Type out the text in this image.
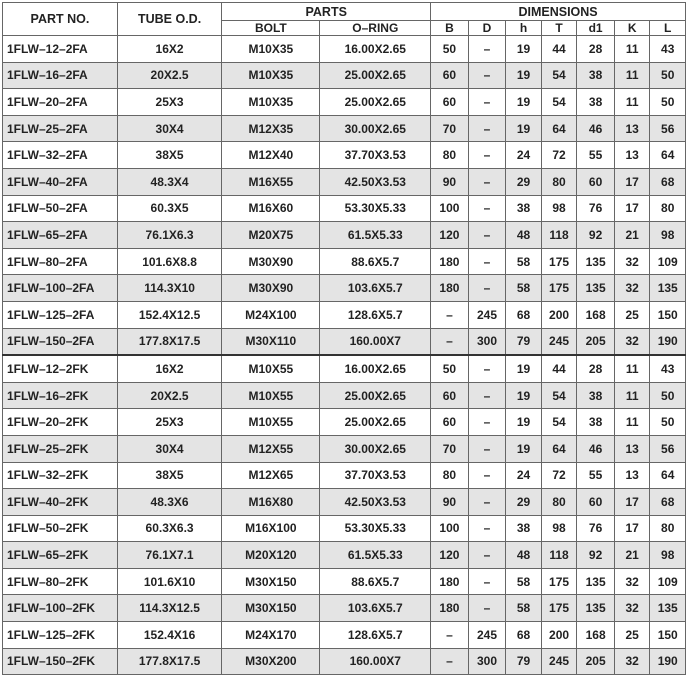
PART NO.	TUBE O.D.	PARTS		DIMENSIONS						
		BOLT	O–RING	B	D	h	T	d1	K	L
1FLW–12–2FA	16X2	M10X35	16.00X2.65	50	–	19	44	28	11	43
1FLW–16–2FA	20X2.5	M10X35	25.00X2.65	60	–	19	54	38	11	50
1FLW–20–2FA	25X3	M10X35	25.00X2.65	60	–	19	54	38	11	50
1FLW–25–2FA	30X4	M12X35	30.00X2.65	70	–	19	64	46	13	56
1FLW–32–2FA	38X5	M12X40	37.70X3.53	80	–	24	72	55	13	64
1FLW–40–2FA	48.3X4	M16X55	42.50X3.53	90	–	29	80	60	17	68
1FLW–50–2FA	60.3X5	M16X60	53.30X5.33	100	–	38	98	76	17	80
1FLW–65–2FA	76.1X6.3	M20X75	61.5X5.33	120	–	48	118	92	21	98
1FLW–80–2FA	101.6X8.8	M30X90	88.6X5.7	180	–	58	175	135	32	109
1FLW–100–2FA	114.3X10	M30X90	103.6X5.7	180	–	58	175	135	32	135
1FLW–125–2FA	152.4X12.5	M24X100	128.6X5.7	–	245	68	200	168	25	150
1FLW–150–2FA	177.8X17.5	M30X110	160.00X7	–	300	79	245	205	32	190
1FLW–12–2FK	16X2	M10X55	16.00X2.65	50	–	19	44	28	11	43
1FLW–16–2FK	20X2.5	M10X55	25.00X2.65	60	–	19	54	38	11	50
1FLW–20–2FK	25X3	M10X55	25.00X2.65	60	–	19	54	38	11	50
1FLW–25–2FK	30X4	M12X55	30.00X2.65	70	–	19	64	46	13	56
1FLW–32–2FK	38X5	M12X65	37.70X3.53	80	–	24	72	55	13	64
1FLW–40–2FK	48.3X6	M16X80	42.50X3.53	90	–	29	80	60	17	68
1FLW–50–2FK	60.3X6.3	M16X100	53.30X5.33	100	–	38	98	76	17	80
1FLW–65–2FK	76.1X7.1	M20X120	61.5X5.33	120	–	48	118	92	21	98
1FLW–80–2FK	101.6X10	M30X150	88.6X5.7	180	–	58	175	135	32	109
1FLW–100–2FK	114.3X12.5	M30X150	103.6X5.7	180	–	58	175	135	32	135
1FLW–125–2FK	152.4X16	M24X170	128.6X5.7	–	245	68	200	168	25	150
1FLW–150–2FK	177.8X17.5	M30X200	160.00X7	–	300	79	245	205	32	190
